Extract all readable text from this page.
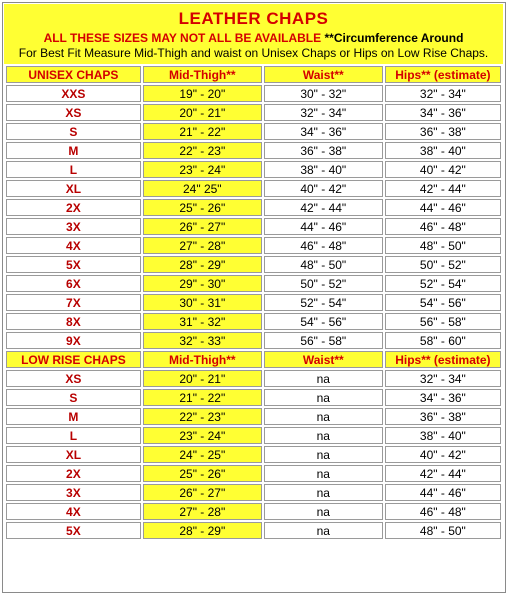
LEATHER CHAPS
ALL THESE SIZES MAY NOT ALL BE AVAILABLE **Circumference Around
For Best Fit Measure Mid-Thigh and waist on Unisex Chaps or Hips on Low Rise Chaps.
UNISEX CHAPS	Mid-Thigh**	Waist**	Hips** (estimate)
XXS	19" - 20"	30" - 32"	32" - 34"
XS	20" - 21"	32" - 34"	34" - 36"
S	21" - 22"	34" - 36"	36" - 38"
M	22" - 23"	36" - 38"	38" - 40"
L	23" - 24"	38" - 40"	40" - 42"
XL	24" 25"	40" - 42"	42" - 44"
2X	25" - 26"	42" - 44"	44" - 46"
3X	26" - 27"	44" - 46"	46" - 48"
4X	27" - 28"	46" - 48"	48" - 50"
5X	28" - 29"	48" - 50"	50" - 52"
6X	29" - 30"	50" - 52"	52" - 54"
7X	30" - 31"	52" - 54"	54" - 56"
8X	31" - 32"	54" - 56"	56" - 58"
9X	32" - 33"	56" - 58"	58" - 60"
LOW RISE CHAPS	Mid-Thigh**	Waist**	Hips** (estimate)
XS	20" - 21"	na	32" - 34"
S	21" - 22"	na	34" - 36"
M	22" - 23"	na	36" - 38"
L	23" - 24"	na	38" - 40"
XL	24" - 25"	na	40" - 42"
2X	25" - 26"	na	42" - 44"
3X	26" - 27"	na	44" - 46"
4X	27" - 28"	na	46" - 48"
5X	28" - 29"	na	48" - 50"
